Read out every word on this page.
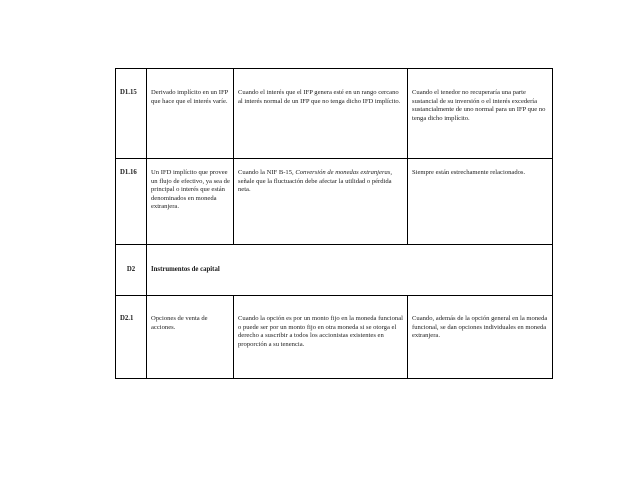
D1.15	Derivado implícito en un IFP que hace que el interés varíe.	Cuando el interés que el IFP genera esté en un rango cercano al interés normal de un IFP que no tenga dicho IFD implícito.	Cuando el tenedor no recuperaría una parte sustancial de su inversión o el interés excedería sustancialmente de uno normal para un IFP que no tenga dicho implícito.
D1.16	Un IFD implícito que provee un flujo de efectivo, ya sea de principal o interés que están denominados en moneda extranjera.	Cuando la NIF B-15, Conversión de monedas extranjeras, señale que la fluctuación debe afectar la utilidad o pérdida neta.	Siempre están estrechamente relacionados.
D2	Instrumentos de capital		
D2.1	Opciones de venta de acciones.	Cuando la opción es por un monto fijo en la moneda funcional o puede ser por un monto fijo en otra moneda si se otorga el derecho a suscribir a todos los accionistas existentes en proporción a su tenencia.	Cuando, además de la opción general en la moneda funcional, se dan opciones individuales en moneda extranjera.
